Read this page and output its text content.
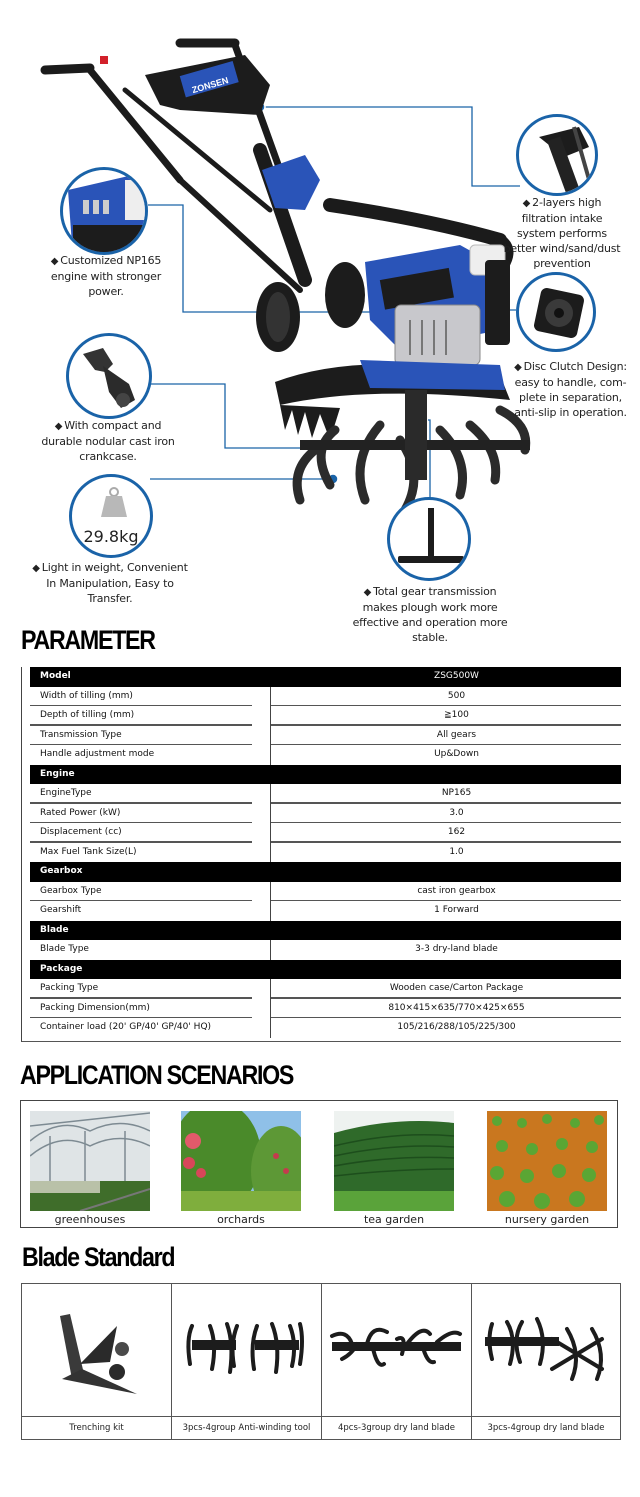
ZONSEN
◆ 2-layers high filtration intake system performs better wind/sand/dust prevention
◆ Customized NP165 engine with stronger power.
◆ Disc Clutch Design: easy to handle, com-plete in separation, anti-slip in operation.
◆ With compact and durable nodular cast iron crankcase.
29.8kg
◆ Light in weight, Convenient In Manipulation, Easy to Transfer.	◆ Total gear transmission makes plough work more effective and operation more stable.
PARAMETER
Model	ZSG500W
Width of tilling (mm)	500
Depth of tilling (mm)	≧100
Transmission Type	All gears
Handle adjustment mode	Up&Down
Engine
EngineType	NP165
Rated Power (kW)	3.0
Displacement (cc)	162
Max Fuel Tank Size(L)	1.0
Gearbox
Gearbox Type	cast iron gearbox
Gearshift	1 Forward
Blade
Blade Type	3-3 dry-land blade
Package
Packing Type	Wooden case/Carton Package
Packing Dimension(mm)	810×415×635/770×425×655
Container load (20' GP/40' GP/40' HQ)	105/216/288/105/225/300
APPLICATION SCENARIOS
greenhouses	orchards	tea garden	nursery garden
Blade Standard
Trenching kit	3pcs-4group Anti-winding tool	4pcs-3group dry land blade	3pcs-4group dry land blade
